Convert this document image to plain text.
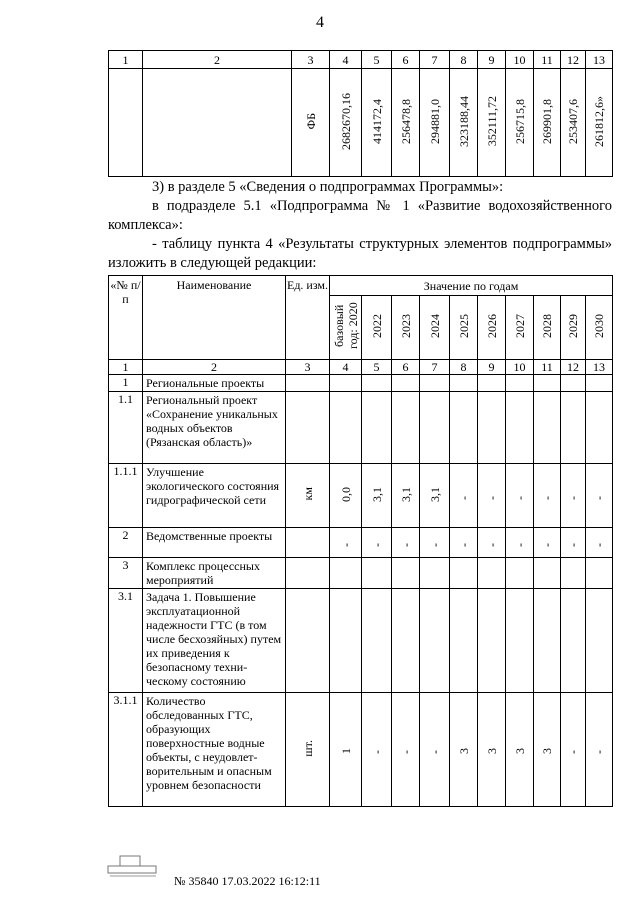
4
1	2	3	4	5	6	7	8	9	10	11	12	13
		ФБ	2682670,16	414172,4	256478,8	294881,0	323188,44	352111,72	256715,8	269901,8	253407,6	261812,6»
3) в разделе 5 «Сведения о подпрограммах Программы»:
в подразделе 5.1 «Подпрограмма № 1 «Развитие водохозяйственного
комплекса»:
- таблицу пункта 4 «Результаты структурных элементов подпрограммы»
изложить в следующей редакции:
«№ п/п	Наименование	Ед. изм.	Значение по годам									
			базовый год: 2020	2022	2023	2024	2025	2026	2027	2028	2029	2030
1	2	3	4	5	6	7	8	9	10	11	12	13
1	Региональные проекты											
1.1	Региональный проект «Сохранение уникальных водных объектов (Рязанская область)»											
1.1.1	Улучшение экологического состояния гидрографической сети	км	0,0	3,1	3,1	3,1	-	-	-	-	-	-
2	Ведомственные проекты		-	-	-	-	-	-	-	-	-	-
3	Комплекс процессных мероприятий											
3.1	Задача 1. Повышение эксплуатационной надежности ГТС (в том числе бесхозяйных) путем их приведения к безопасному техни-ческому состоянию											
3.1.1	Количество обследованных ГТС, образующих поверхностные водные объекты, с неудовлет-ворительным и опасным уровнем безопасности	шт.	1	-	-	-	3	3	3	3	-	-
№ 35840 17.03.2022 16:12:11
